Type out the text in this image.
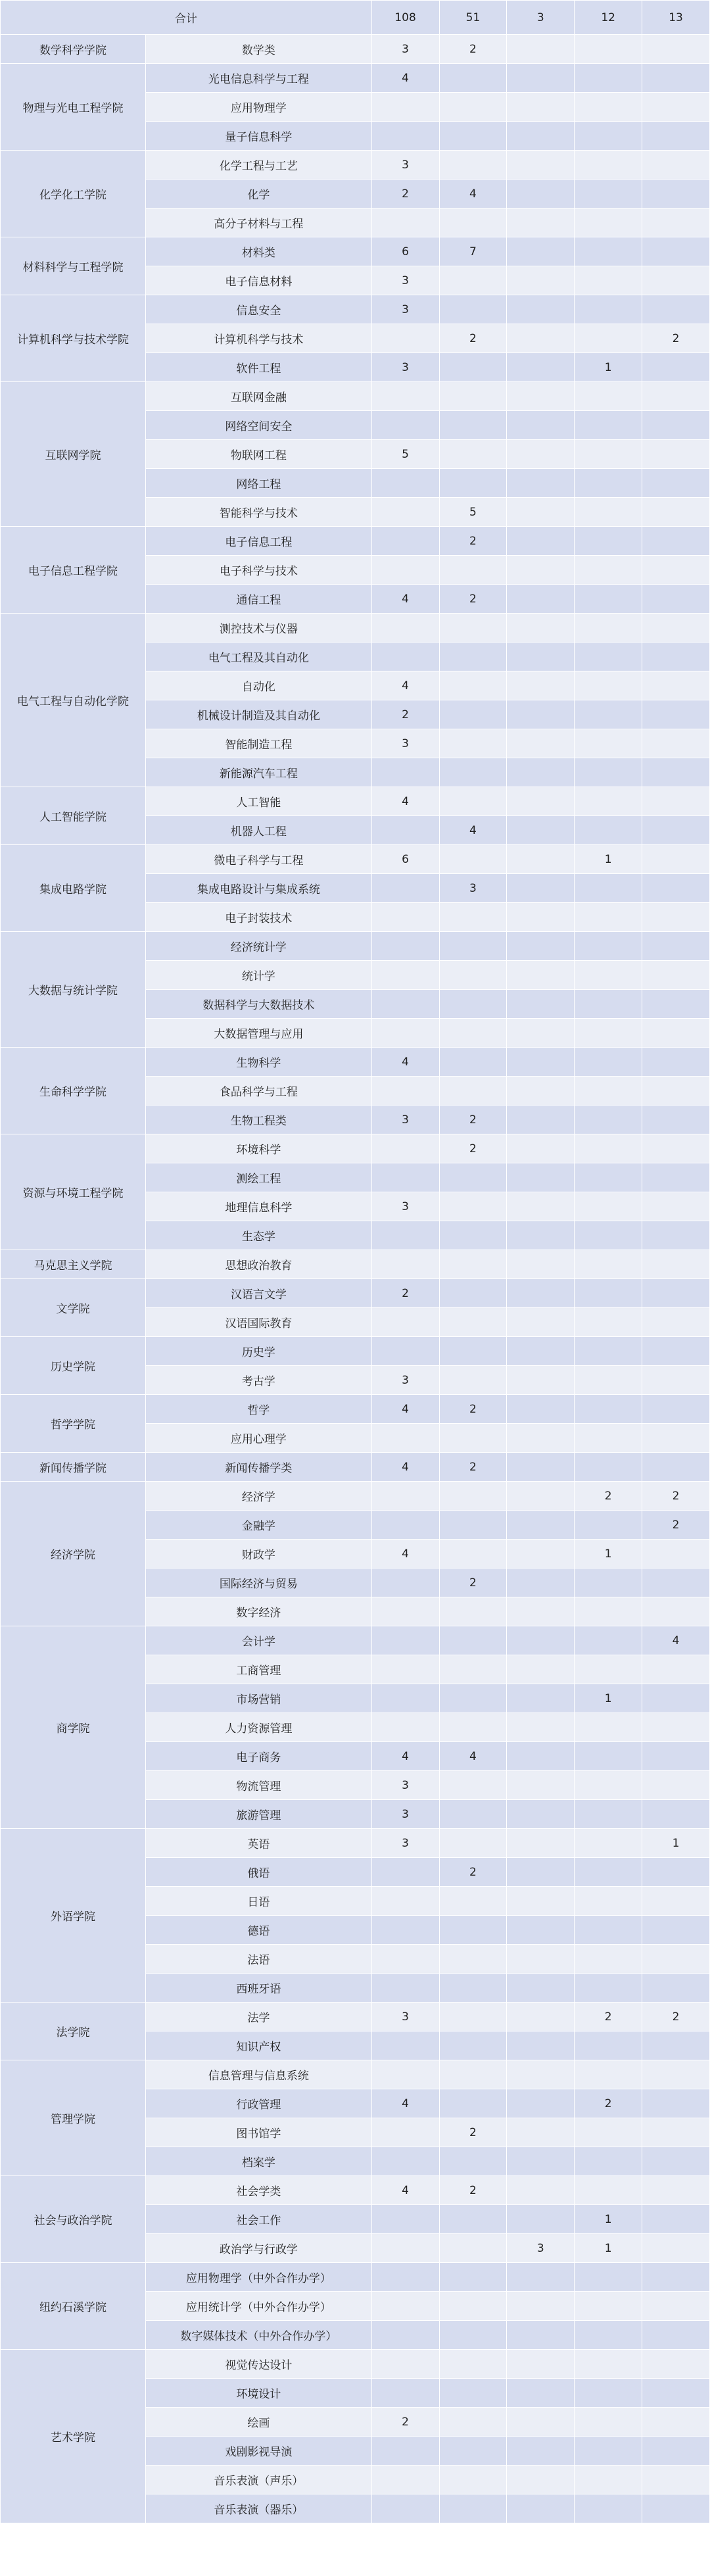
合计		108	51	3	12	13
数学科学学院	数学类	3	2			
物理与光电工程学院	光电信息科学与工程	4				
	应用物理学					
	量子信息科学					
化学化工学院	化学工程与工艺	3				
	化学	2	4			
	高分子材料与工程					
材料科学与工程学院	材料类	6	7			
	电子信息材料	3				
计算机科学与技术学院	信息安全	3				
	计算机科学与技术		2			2
	软件工程	3			1	
互联网学院	互联网金融					
	网络空间安全					
	物联网工程	5				
	网络工程					
	智能科学与技术		5			
电子信息工程学院	电子信息工程		2			
	电子科学与技术					
	通信工程	4	2			
电气工程与自动化学院	测控技术与仪器					
	电气工程及其自动化					
	自动化	4				
	机械设计制造及其自动化	2				
	智能制造工程	3				
	新能源汽车工程					
人工智能学院	人工智能	4				
	机器人工程		4			
集成电路学院	微电子科学与工程	6			1	
	集成电路设计与集成系统		3			
	电子封装技术					
大数据与统计学院	经济统计学					
	统计学					
	数据科学与大数据技术					
	大数据管理与应用					
生命科学学院	生物科学	4				
	食品科学与工程					
	生物工程类	3	2			
资源与环境工程学院	环境科学		2			
	测绘工程					
	地理信息科学	3				
	生态学					
马克思主义学院	思想政治教育					
文学院	汉语言文学	2				
	汉语国际教育					
历史学院	历史学					
	考古学	3				
哲学学院	哲学	4	2			
	应用心理学					
新闻传播学院	新闻传播学类	4	2			
经济学院	经济学				2	2
	金融学					2
	财政学	4			1	
	国际经济与贸易		2			
	数字经济					
商学院	会计学					4
	工商管理					
	市场营销				1	
	人力资源管理					
	电子商务	4	4			
	物流管理	3				
	旅游管理	3				
外语学院	英语	3				1
	俄语		2			
	日语					
	德语					
	法语					
	西班牙语					
法学院	法学	3			2	2
	知识产权					
管理学院	信息管理与信息系统					
	行政管理	4			2	
	图书馆学		2			
	档案学					
社会与政治学院	社会学类	4	2			
	社会工作				1	
	政治学与行政学			3	1	
纽约石溪学院	应用物理学（中外合作办学）					
	应用统计学（中外合作办学）					
	数字媒体技术（中外合作办学）					
艺术学院	视觉传达设计					
	环境设计					
	绘画	2				
	戏剧影视导演					
	音乐表演（声乐）					
	音乐表演（器乐）					
